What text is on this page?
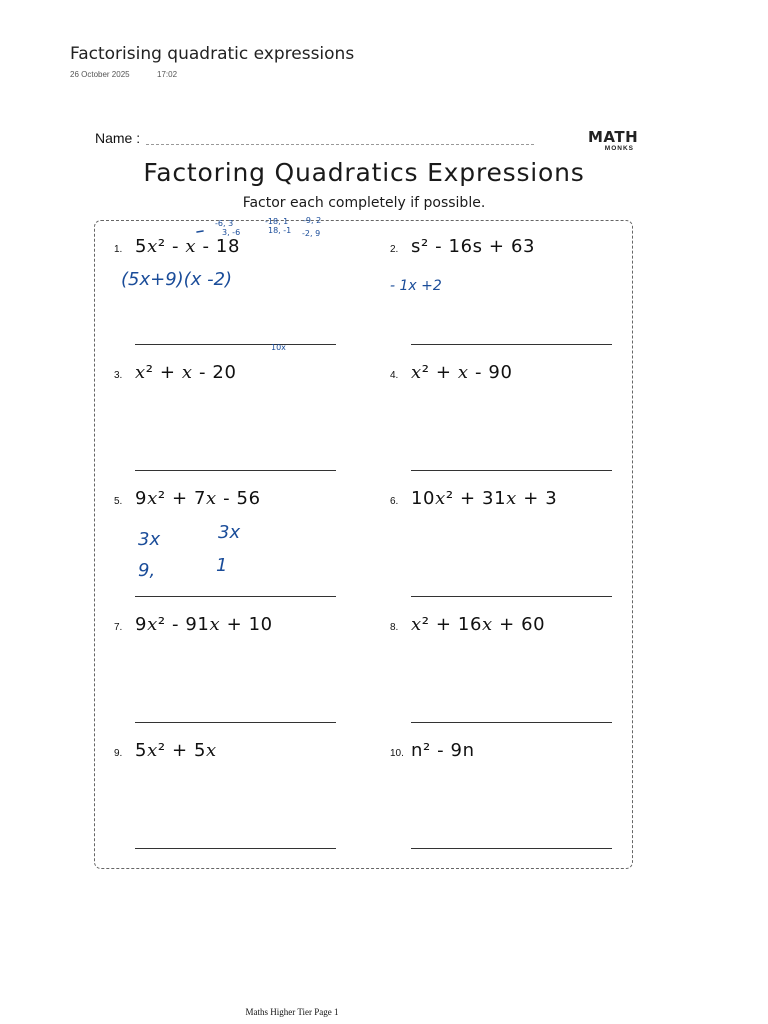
Factorising quadratic expressions
26 October 2025	17:02
Name :	MATH
MONKS
Factoring Quadratics Expressions
Factor each completely if possible.
1. 5x² - x - 18	2. s² - 16s + 63
3. x² + x - 20	4. x² + x - 90
5. 9x² + 7x - 56	6. 10x² + 31x + 3
7. 9x² - 91x + 10	8. x² + 16x + 60
9. 5x² + 5x	10. n² - 9n
-6, 3
3, -6
-18, 1
18, -1
-9, 2
-2, 9
(5x+9)(x -2)
10x
- 1x +2
3x	3x
9,	1
Maths Higher Tier Page 1
